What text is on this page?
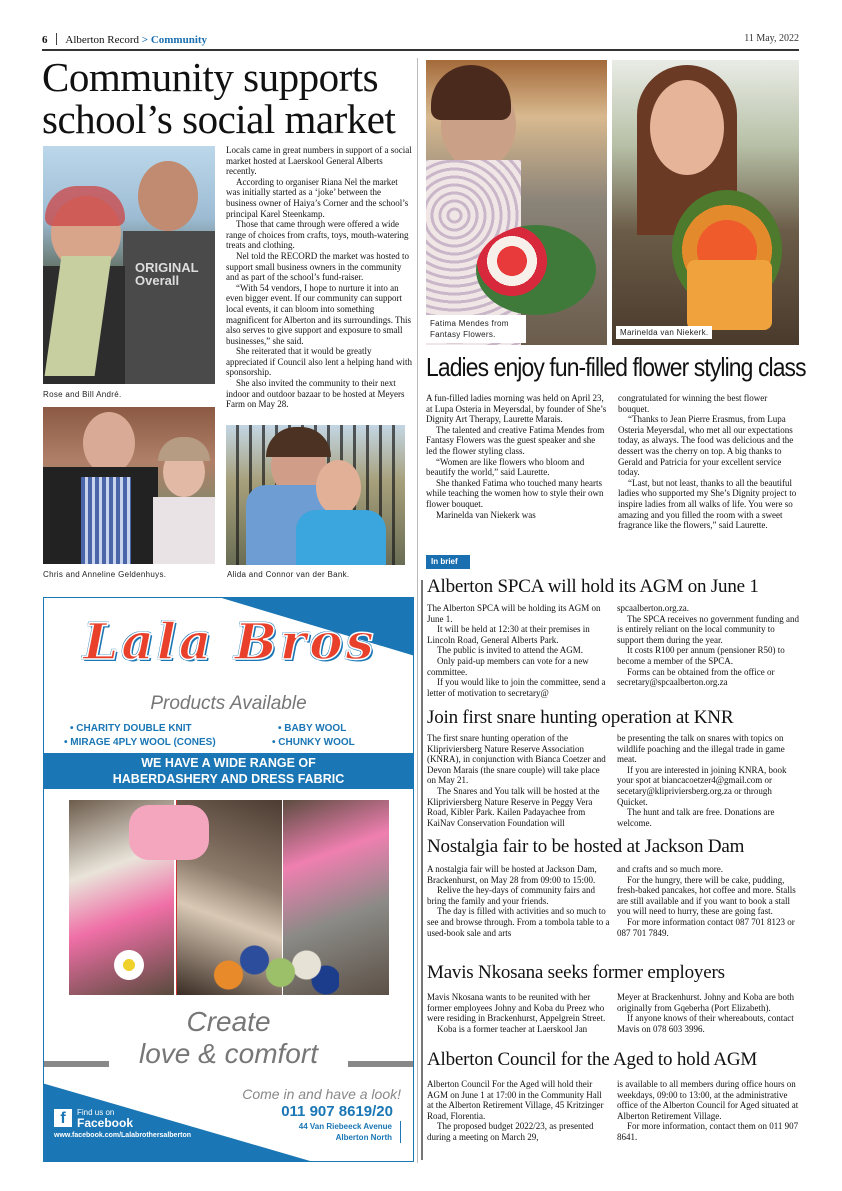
6 Alberton Record > Community	11 May, 2022
Community supports
school’s social market
ORIGINAL
Overall
Rose and Bill André.

Locals came in great numbers in support of a social market hosted at Laerskool General Alberts recently.

According to organiser Riana Nel the market was initially started as a ‘joke’ between the business owner of Haiya’s Corner and the school’s principal Karel Steenkamp.

Those that came through were offered a wide range of choices from crafts, toys, mouth-watering treats and clothing.

Nel told the RECORD the market was hosted to support small business owners in the community and as part of the school’s fund-raiser.

“With 54 vendors, I hope to nurture it into an even bigger event. If our community can support local events, it can bloom into something magnificent for Alberton and its surroundings. This also serves to give support and exposure to small businesses,” she said.

She reiterated that it would be greatly appreciated if Council also lent a helping hand with sponsorship.

She also invited the community to their next indoor and outdoor bazaar to be hosted at Meyers Farm on May 28.

Chris and Anneline Geldenhuys.	Alida and Connor van der Bank.
Fatima Mendes from
Fantasy Flowers.	Marinelda van Niekerk.
Ladies enjoy fun-filled flower styling class

A fun-filled ladies morning was held on April 23, at Lupa Osteria in Meyersdal, by founder of She’s Dignity Art Therapy, Laurette Marais.

The talented and creative Fatima Mendes from Fantasy Flowers was the guest speaker and she led the flower styling class.

“Women are like flowers who bloom and beautify the world,” said Laurette.

She thanked Fatima who touched many hearts while teaching the women how to style their own flower bouquet.

Marinelda van Niekerk was

congratulated for winning the best flower bouquet.

“Thanks to Jean Pierre Erasmus, from Lupa Osteria Meyersdal, who met all our expectations today, as always. The food was delicious and the dessert was the cherry on top. A big thanks to Gerald and Patricia for your excellent service today.

“Last, but not least, thanks to all the beautiful ladies who supported my She’s Dignity project to inspire ladies from all walks of life. You were so amazing and you filled the room with a sweet fragrance like the flowers,” said Laurette.

In brief
Alberton SPCA will hold its AGM on June 1

The Alberton SPCA will be holding its AGM on June 1.

It will be held at 12:30 at their premises in Lincoln Road, General Alberts Park.

The public is invited to attend the AGM.

Only paid-up members can vote for a new committee.

If you would like to join the committee, send a letter of motivation to secretary@

spcaalberton.org.za.

The SPCA receives no government funding and is entirely reliant on the local community to support them during the year.

It costs R100 per annum (pensioner R50) to become a member of the SPCA.

Forms can be obtained from the office or secretary@spcaalberton.org.za

Join first snare hunting operation at KNR

The first snare hunting operation of the Klipriviersberg Nature Reserve Association (KNRA), in conjunction with Bianca Coetzer and Devon Marais (the snare couple) will take place on May 21.

The Snares and You talk will be hosted at the Klipriviersberg Nature Reserve in Peggy Vera Road, Kibler Park. Kailen Padayachee from KaiNav Conservation Foundation will

be presenting the talk on snares with topics on wildlife poaching and the illegal trade in game meat.

If you are interested in joining KNRA, book your spot at biancacoetzer4@gmail.com or secetary@klipriviersberg.org.za or through Quicket.

The hunt and talk are free. Donations are welcome.

Nostalgia fair to be hosted at Jackson Dam

A nostalgia fair will be hosted at Jackson Dam, Brackenhurst, on May 28 from 09:00 to 15:00.

Relive the hey-days of community fairs and bring the family and your friends.

The day is filled with activities and so much to see and browse through. From a tombola table to a used-book sale and arts

and crafts and so much more.

For the hungry, there will be cake, pudding, fresh-baked pancakes, hot coffee and more. Stalls are still available and if you want to book a stall you will need to hurry, these are going fast.

For more information contact 087 701 8123 or 087 701 7849.

Mavis Nkosana seeks former employers

Mavis Nkosana wants to be reunited with her former employees Johny and Koba du Preez who were residing in Brackenhurst, Appelgrein Street.

Koba is a former teacher at Laerskool Jan

Meyer at Brackenhurst. Johny and Koba are both originally from Gqeberha (Port Elizabeth).

If anyone knows of their whereabouts, contact Mavis on 078 603 3996.

Alberton Council for the Aged to hold AGM

Alberton Council For the Aged will hold their AGM on June 1 at 17:00 in the Community Hall at the Alberton Retirement Village, 45 Kritzinger Road, Florentia.

The proposed budget 2022/23, as presented during a meeting on March 29,

is available to all members during office hours on weekdays, 09:00 to 13:00, at the administrative office of the Alberton Council for Aged situated at Alberton Retirement Village.

For more information, contact them on 011 907 8641.

Lala Bros
Products Available
• CHARITY DOUBLE KNIT
• MIRAGE 4PLY WOOL (CONES)
• BABY WOOL
• CHUNKY WOOL
WE HAVE A WIDE RANGE OF
HABERDASHERY AND DRESS FABRIC
Create
love & comfort
f	Find us on
Facebook
www.facebook.com/Lalabrothersalberton
Come in and have a look!
011 907 8619/20
44 Van Riebeeck Avenue
Alberton North
